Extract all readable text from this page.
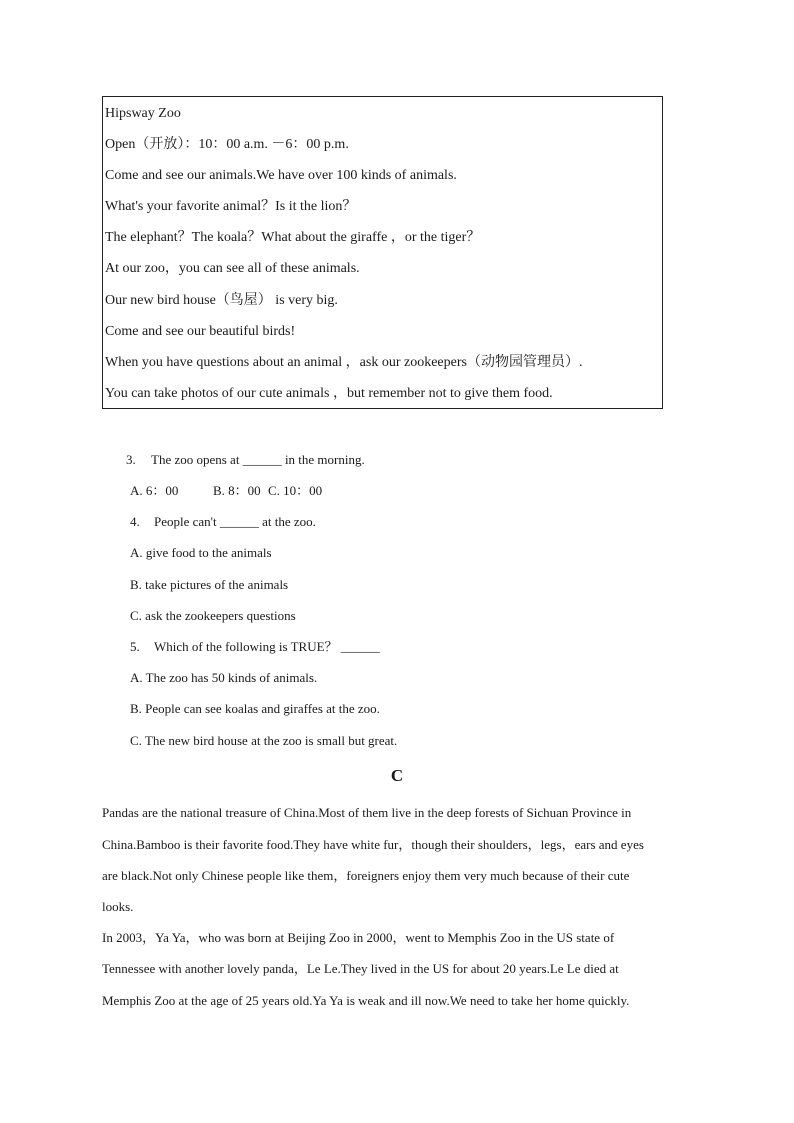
Hipsway Zoo
Open（开放）：10：00 a.m. －6：00 p.m.
Come and see our animals.We have over 100 kinds of animals.
What's your favorite animal？Is it the lion？
The elephant？The koala？What about the giraffe ，or the tiger？
At our zoo，you can see all of these animals.
Our new bird house（鸟屋） is very big.
Come and see our beautiful birds!
When you have questions about an animal ，ask our zookeepers（动物园管理员）.
You can take photos of our cute animals ，but remember not to give them food.
3. The zoo opens at ______ in the morning.
A. 6：00	B. 8：00 C. 10：00
4. People can't ______ at the zoo.
A. give food to the animals
B. take pictures of the animals
C. ask the zookeepers questions
5. Which of the following is TRUE？ ______
A. The zoo has 50 kinds of animals.
B. People can see koalas and giraffes at the zoo.
C. The new bird house at the zoo is small but great.
C
Pandas are the national treasure of China.Most of them live in the deep forests of Sichuan Province in
China.Bamboo is their favorite food.They have white fur，though their shoulders，legs，ears and eyes
are black.Not only Chinese people like them，foreigners enjoy them very much because of their cute
looks.
In 2003，Ya Ya，who was born at Beijing Zoo in 2000，went to Memphis Zoo in the US state of
Tennessee with another lovely panda，Le Le.They lived in the US for about 20 years.Le Le died at
Memphis Zoo at the age of 25 years old.Ya Ya is weak and ill now.We need to take her home quickly.
